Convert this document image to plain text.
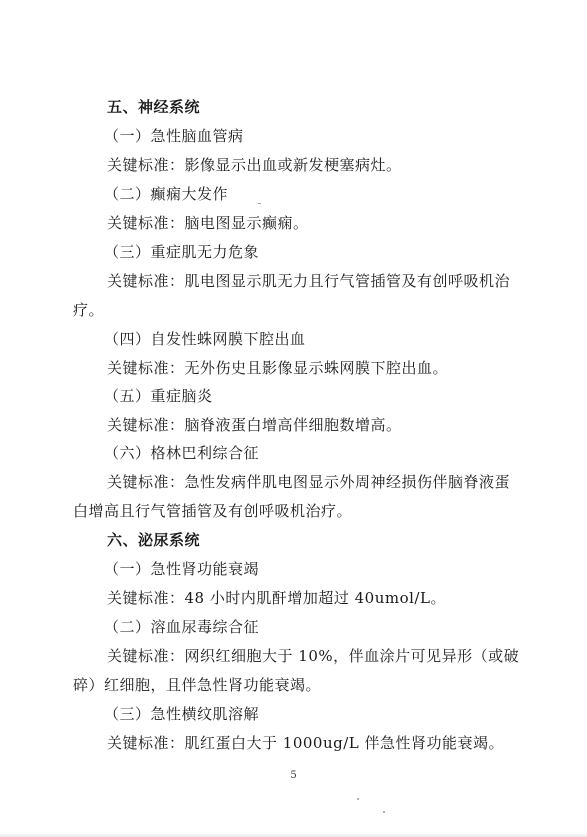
五、神经系统
（一）急性脑血管病
关键标准：影像显示出血或新发梗塞病灶。
（二）癫痫大发作
关键标准：脑电图显示癫痫。
（三）重症肌无力危象
关键标准：肌电图显示肌无力且行气管插管及有创呼吸机治
疗。
（四）自发性蛛网膜下腔出血
关键标准：无外伤史且影像显示蛛网膜下腔出血。
（五）重症脑炎
关键标准：脑脊液蛋白增高伴细胞数增高。
（六）格林巴利综合征
关键标准：急性发病伴肌电图显示外周神经损伤伴脑脊液蛋
白增高且行气管插管及有创呼吸机治疗。
六、泌尿系统
（一）急性肾功能衰竭
关键标准：48 小时内肌酐增加超过 40umol/L。
（二）溶血尿毒综合征
关键标准：网织红细胞大于 10%，伴血涂片可见异形（或破
碎）红细胞，且伴急性肾功能衰竭。
（三）急性横纹肌溶解
关键标准：肌红蛋白大于 1000ug/L 伴急性肾功能衰竭。
5
